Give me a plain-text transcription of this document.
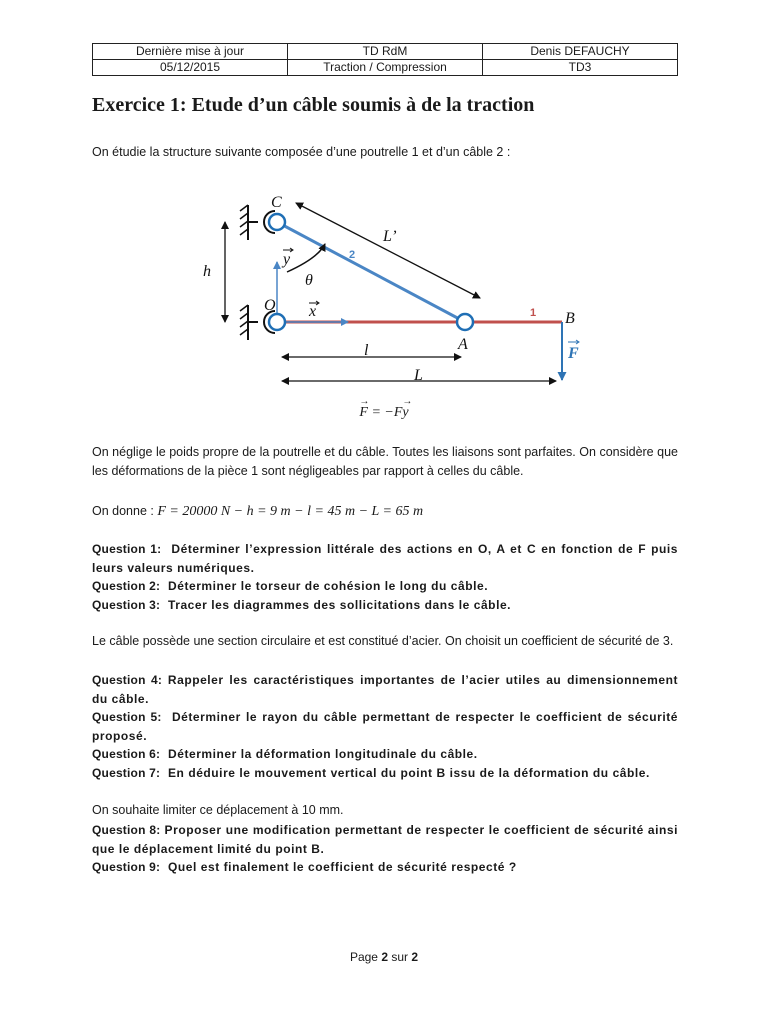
Dernière mise à jour	TD RdM	Denis DEFAUCHY
05/12/2015	Traction / Compression	TD3
Exercice 1: Etude d’un câble soumis à de la traction

On étudie la structure suivante composée d’une poutrelle 1 et d’un câble 2 :

C
O
A
B
h
L’
l
L
θ
y
x
F
2
1
→
F = −F
→
y

On néglige le poids propre de la poutrelle et du câble. Toutes les liaisons sont parfaites. On considère que les déformations de la pièce 1 sont négligeables par rapport à celles du câble.

On donne : F = 20000 N − h = 9 m − l = 45 m − L = 65 m

Question 1: Déterminer l’expression littérale des actions en O, A et C en fonction de F puis leurs valeurs numériques.
Question 2: Déterminer le torseur de cohésion le long du câble.
Question 3: Tracer les diagrammes des sollicitations dans le câble.

Le câble possède une section circulaire et est constitué d’acier. On choisit un coefficient de sécurité de 3.

Question 4: Rappeler les caractéristiques importantes de l’acier utiles au dimensionnement du câble.
Question 5: Déterminer le rayon du câble permettant de respecter le coefficient de sécurité proposé.
Question 6: Déterminer la déformation longitudinale du câble.
Question 7: En déduire le mouvement vertical du point B issu de la déformation du câble.

On souhaite limiter ce déplacement à 10 mm.

Question 8: Proposer une modification permettant de respecter le coefficient de sécurité ainsi que le déplacement limité du point B.
Question 9: Quel est finalement le coefficient de sécurité respecté ?
Page 2 sur 2
